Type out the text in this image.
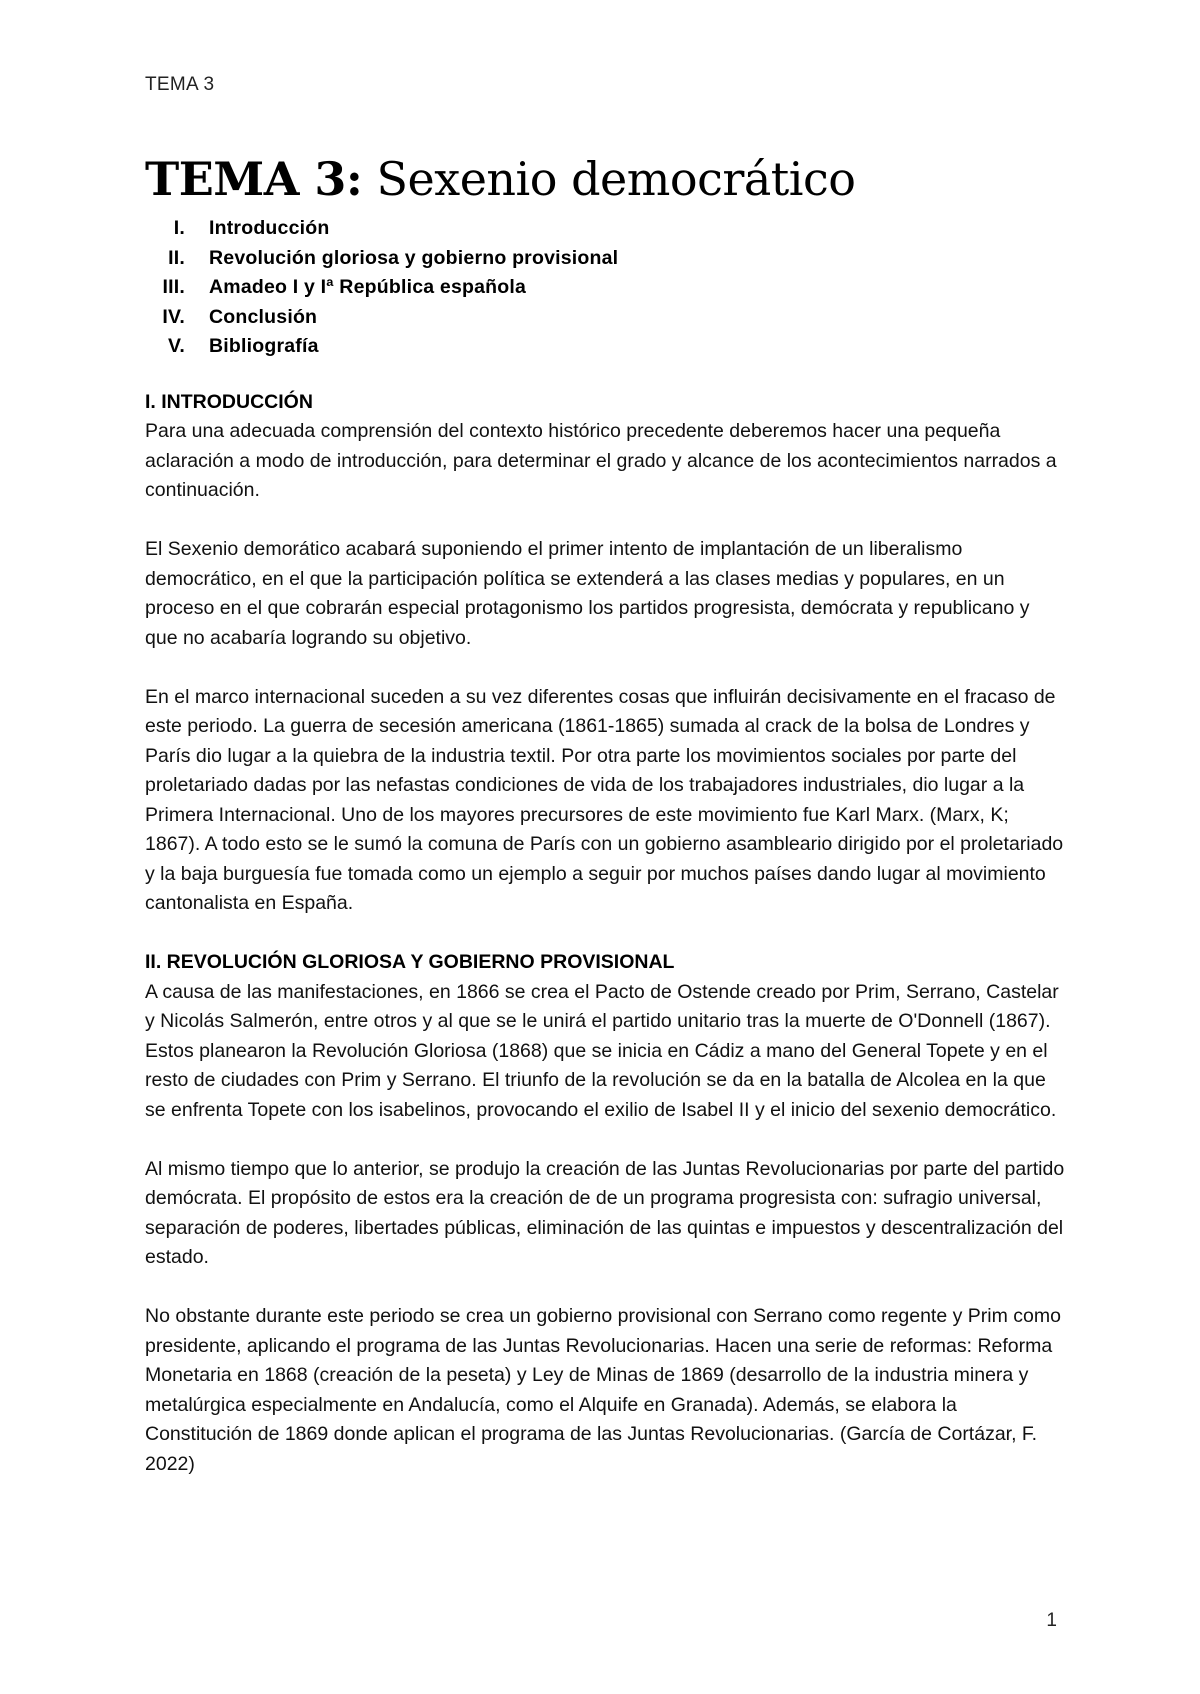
TEMA 3
TEMA 3: Sexenio democrático
I.	Introducción
II.	Revolución gloriosa y gobierno provisional
III.	Amadeo I y Iª República española
IV.	Conclusión
V.	Bibliografía
I. INTRODUCCIÓN

Para una adecuada comprensión del contexto histórico precedente deberemos hacer una pequeña aclaración a modo de introducción, para determinar el grado y alcance de los acontecimientos narrados a continuación.

El Sexenio demorático acabará suponiendo el primer intento de implantación de un liberalismo democrático, en el que la participación política se extenderá a las clases medias y populares, en un proceso en el que cobrarán especial protagonismo los partidos progresista, demócrata y republicano y que no acabaría logrando su objetivo.

En el marco internacional suceden a su vez diferentes cosas que influirán decisivamente en el fracaso de este periodo. La guerra de secesión americana (1861-1865) sumada al crack de la bolsa de Londres y París dio lugar a la quiebra de la industria textil. Por otra parte los movimientos sociales por parte del proletariado dadas por las nefastas condiciones de vida de los trabajadores industriales, dio lugar a la Primera Internacional. Uno de los mayores precursores de este movimiento fue Karl Marx. (Marx, K; 1867). A todo esto se le sumó la comuna de París con un gobierno asambleario dirigido por el proletariado y la baja burguesía fue tomada como un ejemplo a seguir por muchos países dando lugar al movimiento cantonalista en España.

II. REVOLUCIÓN GLORIOSA Y GOBIERNO PROVISIONAL

A causa de las manifestaciones, en 1866 se crea el Pacto de Ostende creado por Prim, Serrano, Castelar y Nicolás Salmerón, entre otros y al que se le unirá el partido unitario tras la muerte de O'Donnell (1867). Estos planearon la Revolución Gloriosa (1868) que se inicia en Cádiz a mano del General Topete y en el resto de ciudades con Prim y Serrano. El triunfo de la revolución se da en la batalla de Alcolea en la que se enfrenta Topete con los isabelinos, provocando el exilio de Isabel II y el inicio del sexenio democrático.

Al mismo tiempo que lo anterior, se produjo la creación de las Juntas Revolucionarias por parte del partido demócrata. El propósito de estos era la creación de de un programa progresista con: sufragio universal, separación de poderes, libertades públicas, eliminación de las quintas e impuestos y descentralización del estado.

No obstante durante este periodo se crea un gobierno provisional con Serrano como regente y Prim como presidente, aplicando el programa de las Juntas Revolucionarias. Hacen una serie de reformas: Reforma Monetaria en 1868 (creación de la peseta) y Ley de Minas de 1869 (desarrollo de la industria minera y metalúrgica especialmente en Andalucía, como el Alquife en Granada). Además, se elabora la Constitución de 1869 donde aplican el programa de las Juntas Revolucionarias. (García de Cortázar, F. 2022)

1
